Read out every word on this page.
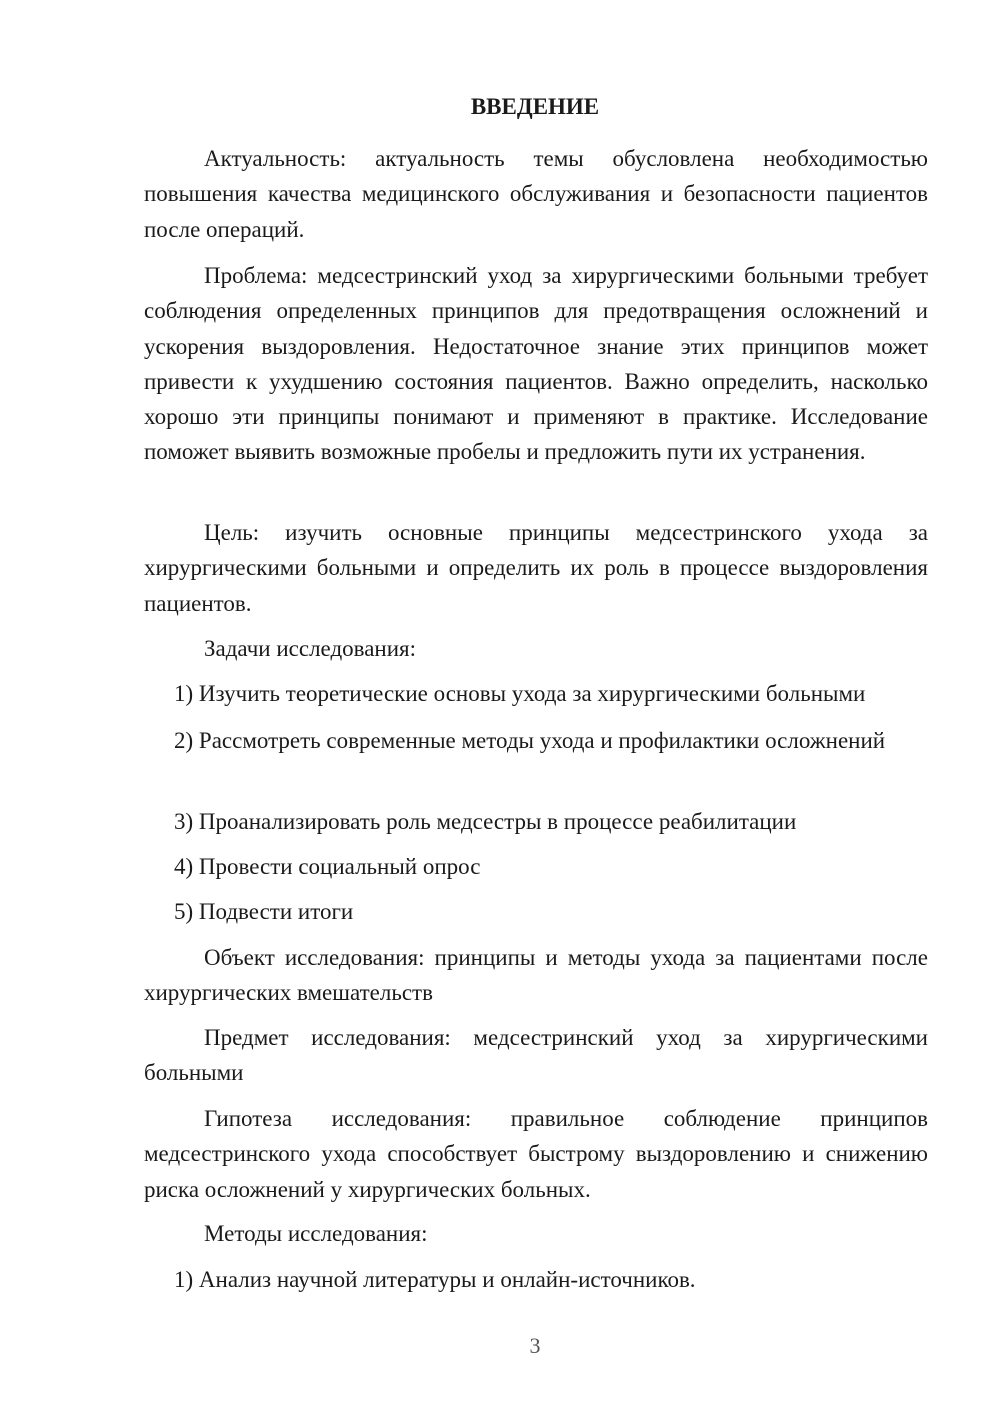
ВВЕДЕНИЕ

Актуальность: актуальность темы обусловлена необходимостью повышения качества медицинского обслуживания и безопасности пациентов после операций.

Проблема: медсестринский уход за хирургическими больными требует соблюдения определенных принципов для предотвращения осложнений и ускорения выздоровления. Недостаточное знание этих принципов может привести к ухудшению состояния пациентов. Важно определить, насколько хорошо эти принципы понимают и применяют в практике. Исследование поможет выявить возможные пробелы и предложить пути их устранения.

Цель: изучить основные принципы медсестринского ухода за хирургическими больными и определить их роль в процессе выздоровления пациентов.

Задачи исследования:

1) Изучить теоретические основы ухода за хирургическими больными

2) Рассмотреть современные методы ухода и профилактики осложнений

3) Проанализировать роль медсестры в процессе реабилитации

4) Провести социальный опрос

5) Подвести итоги

Объект исследования: принципы и методы ухода за пациентами после хирургических вмешательств

Предмет исследования: медсестринский уход за хирургическими больными

Гипотеза исследования: правильное соблюдение принципов медсестринского ухода способствует быстрому выздоровлению и снижению риска осложнений у хирургических больных.

Методы исследования:

1) Анализ научной литературы и онлайн-источников.

3
